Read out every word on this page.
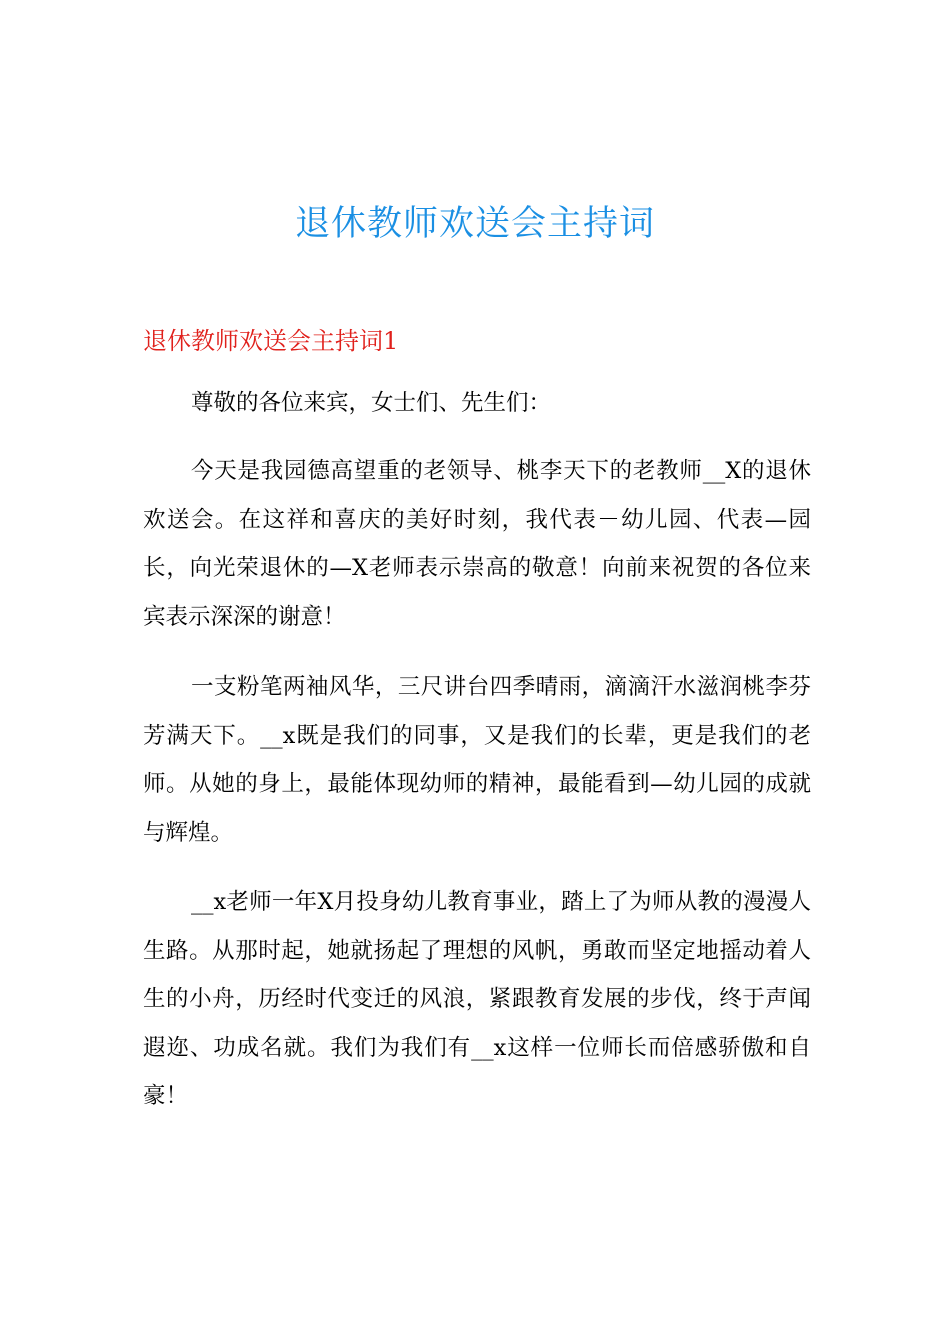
退休教师欢送会主持词
退休教师欢送会主持词1

尊敬的各位来宾，女士们、先生们：

今天是我园德高望重的老领导、桃李天下的老教师__X的退休欢送会。在这祥和喜庆的美好时刻，我代表－幼儿园、代表—园长，向光荣退休的—X老师表示崇高的敬意！向前来祝贺的各位来宾表示深深的谢意！

一支粉笔两袖风华，三尺讲台四季晴雨，滴滴汗水滋润桃李芬芳满天下。__x既是我们的同事，又是我们的长辈，更是我们的老师。从她的身上，最能体现幼师的精神，最能看到—幼儿园的成就与辉煌。

__x老师一年X月投身幼儿教育事业，踏上了为师从教的漫漫人生路。从那时起，她就扬起了理想的风帆，勇敢而坚定地摇动着人生的小舟，历经时代变迁的风浪，紧跟教育发展的步伐，终于声闻遐迩、功成名就。我们为我们有__x这样一位师长而倍感骄傲和自豪！
